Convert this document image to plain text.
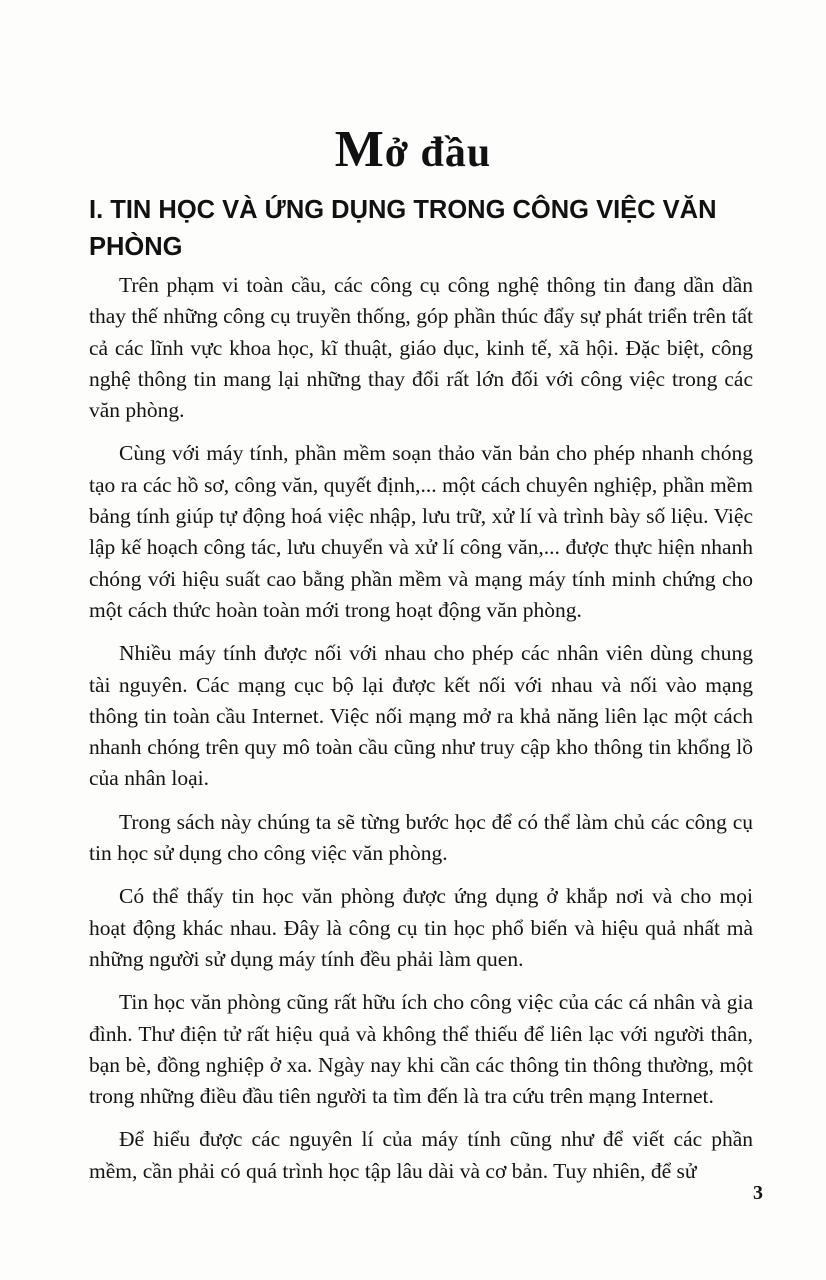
Mở đầu
I. TIN HỌC VÀ ỨNG DỤNG TRONG CÔNG VIỆC VĂN PHÒNG

Trên phạm vi toàn cầu, các công cụ công nghệ thông tin đang dần dần thay thế những công cụ truyền thống, góp phần thúc đẩy sự phát triển trên tất cả các lĩnh vực khoa học, kĩ thuật, giáo dục, kinh tế, xã hội. Đặc biệt, công nghệ thông tin mang lại những thay đổi rất lớn đối với công việc trong các văn phòng.

Cùng với máy tính, phần mềm soạn thảo văn bản cho phép nhanh chóng tạo ra các hồ sơ, công văn, quyết định,... một cách chuyên nghiệp, phần mềm bảng tính giúp tự động hoá việc nhập, lưu trữ, xử lí và trình bày số liệu. Việc lập kế hoạch công tác, lưu chuyển và xử lí công văn,... được thực hiện nhanh chóng với hiệu suất cao bằng phần mềm và mạng máy tính minh chứng cho một cách thức hoàn toàn mới trong hoạt động văn phòng.

Nhiều máy tính được nối với nhau cho phép các nhân viên dùng chung tài nguyên. Các mạng cục bộ lại được kết nối với nhau và nối vào mạng thông tin toàn cầu Internet. Việc nối mạng mở ra khả năng liên lạc một cách nhanh chóng trên quy mô toàn cầu cũng như truy cập kho thông tin khổng lồ của nhân loại.

Trong sách này chúng ta sẽ từng bước học để có thể làm chủ các công cụ tin học sử dụng cho công việc văn phòng.

Có thể thấy tin học văn phòng được ứng dụng ở khắp nơi và cho mọi hoạt động khác nhau. Đây là công cụ tin học phổ biến và hiệu quả nhất mà những người sử dụng máy tính đều phải làm quen.

Tin học văn phòng cũng rất hữu ích cho công việc của các cá nhân và gia đình. Thư điện tử rất hiệu quả và không thể thiếu để liên lạc với người thân, bạn bè, đồng nghiệp ở xa. Ngày nay khi cần các thông tin thông thường, một trong những điều đầu tiên người ta tìm đến là tra cứu trên mạng Internet.

Để hiểu được các nguyên lí của máy tính cũng như để viết các phần mềm, cần phải có quá trình học tập lâu dài và cơ bản. Tuy nhiên, để sử

3
